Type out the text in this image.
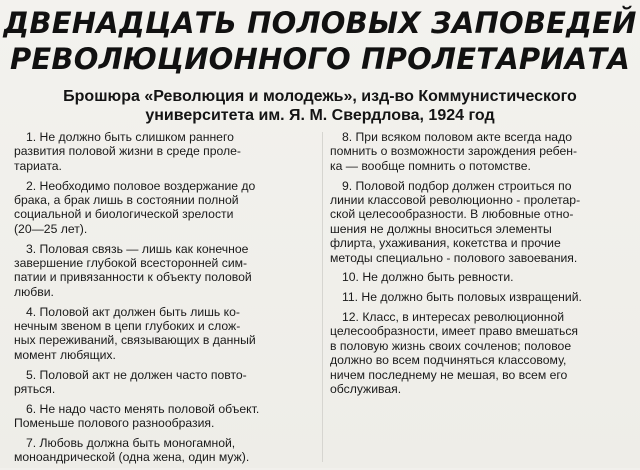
ДВЕНАДЦАТЬ ПОЛОВЫХ ЗАПОВЕДЕЙ
РЕВОЛЮЦИОННОГО ПРОЛЕТАРИАТА

Брошюра «Революция и молодежь», изд-во Коммунистического

университета им. Я. М. Свердлова, 1924 год

1. Не должно быть слишком раннего
развития половой жизни в среде проле-
тариата.

2. Необходимо половое воздержание до
брака, а брак лишь в состоянии полной
социальной и биологической зрелости
(20—25 лет).

3. Половая связь — лишь как конечное
завершение глубокой всесторонней сим-
патии и привязанности к объекту половой
любви.

4. Половой акт должен быть лишь ко-
нечным звеном в цепи глубоких и слож-
ных переживаний, связывающих в данный
момент любящих.

5. Половой акт не должен часто повто-
ряться.

6. Не надо часто менять половой объект.
Поменьше полового разнообразия.

7. Любовь должна быть моногамной,
моноандрической (одна жена, один муж).

8. При всяком половом акте всегда надо
помнить о возможности зарождения ребен-
ка — вообще помнить о потомстве.

9. Половой подбор должен строиться по
линии классовой революционно - пролетар-
ской целесообразности. В любовные отно-
шения не должны вноситься элементы
флирта, ухаживания, кокетства и прочие
методы специально - полового завоевания.

10. Не должно быть ревности.

11. Не должно быть половых извращений.

12. Класс, в интересах революционной
целесообразности, имеет право вмешаться
в половую жизнь своих сочленов; половое
должно во всем подчиняться классовому,
ничем последнему не мешая, во всем его
обслуживая.
